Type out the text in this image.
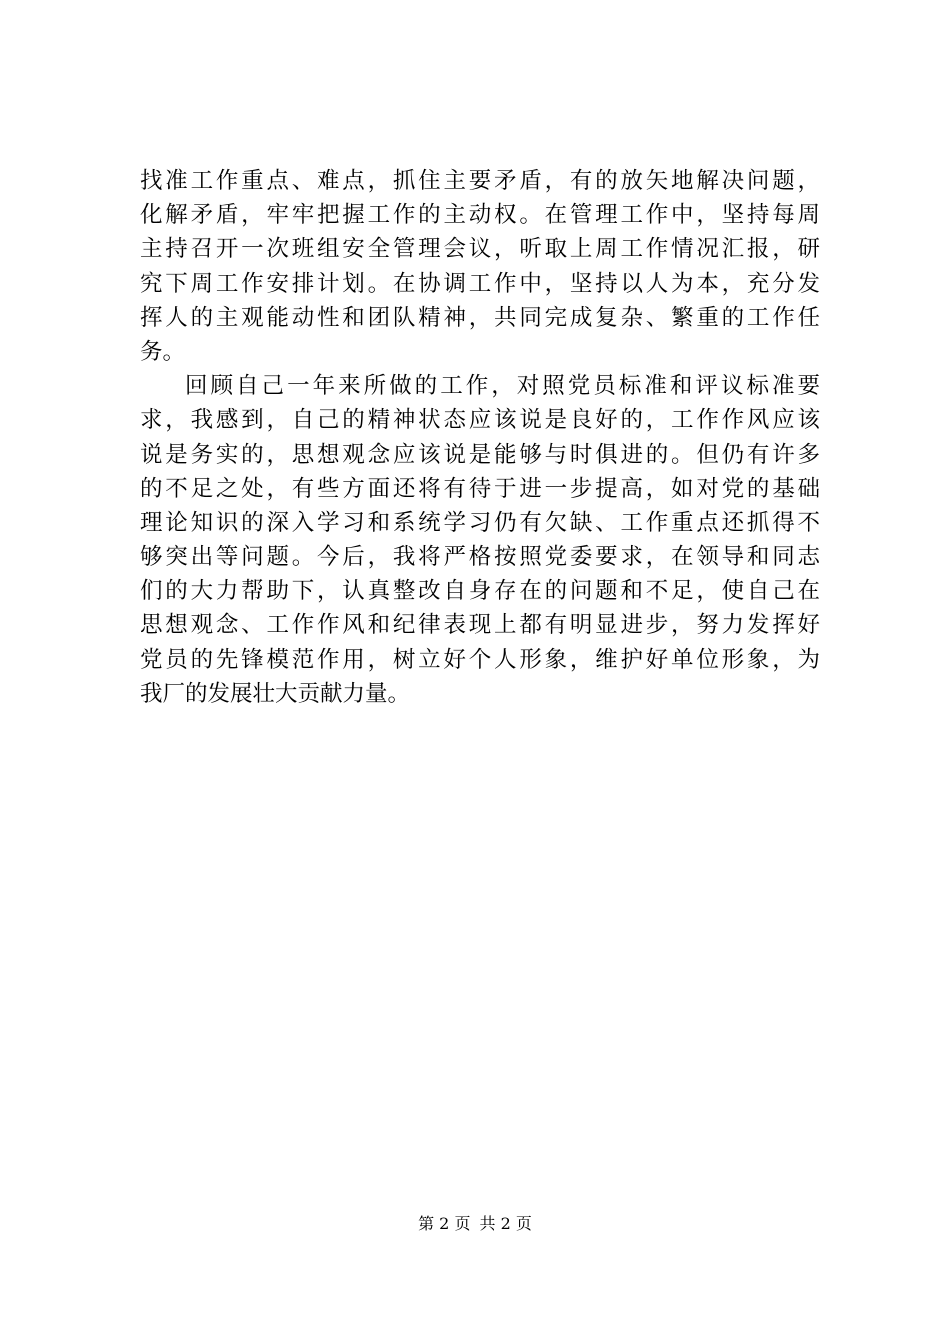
找准工作重点、难点，抓住主要矛盾，有的放矢地解决问题，
化解矛盾，牢牢把握工作的主动权。在管理工作中，坚持每周
主持召开一次班组安全管理会议，听取上周工作情况汇报，研
究下周工作安排计划。在协调工作中，坚持以人为本，充分发
挥人的主观能动性和团队精神，共同完成复杂、繁重的工作任
务。
回顾自己一年来所做的工作，对照党员标准和评议标准要
求，我感到，自己的精神状态应该说是良好的，工作作风应该
说是务实的，思想观念应该说是能够与时俱进的。但仍有许多
的不足之处，有些方面还将有待于进一步提高，如对党的基础
理论知识的深入学习和系统学习仍有欠缺、工作重点还抓得不
够突出等问题。今后，我将严格按照党委要求，在领导和同志
们的大力帮助下，认真整改自身存在的问题和不足，使自己在
思想观念、工作作风和纪律表现上都有明显进步，努力发挥好
党员的先锋模范作用，树立好个人形象，维护好单位形象，为
我厂的发展壮大贡献力量。
第 2 页 共 2 页
